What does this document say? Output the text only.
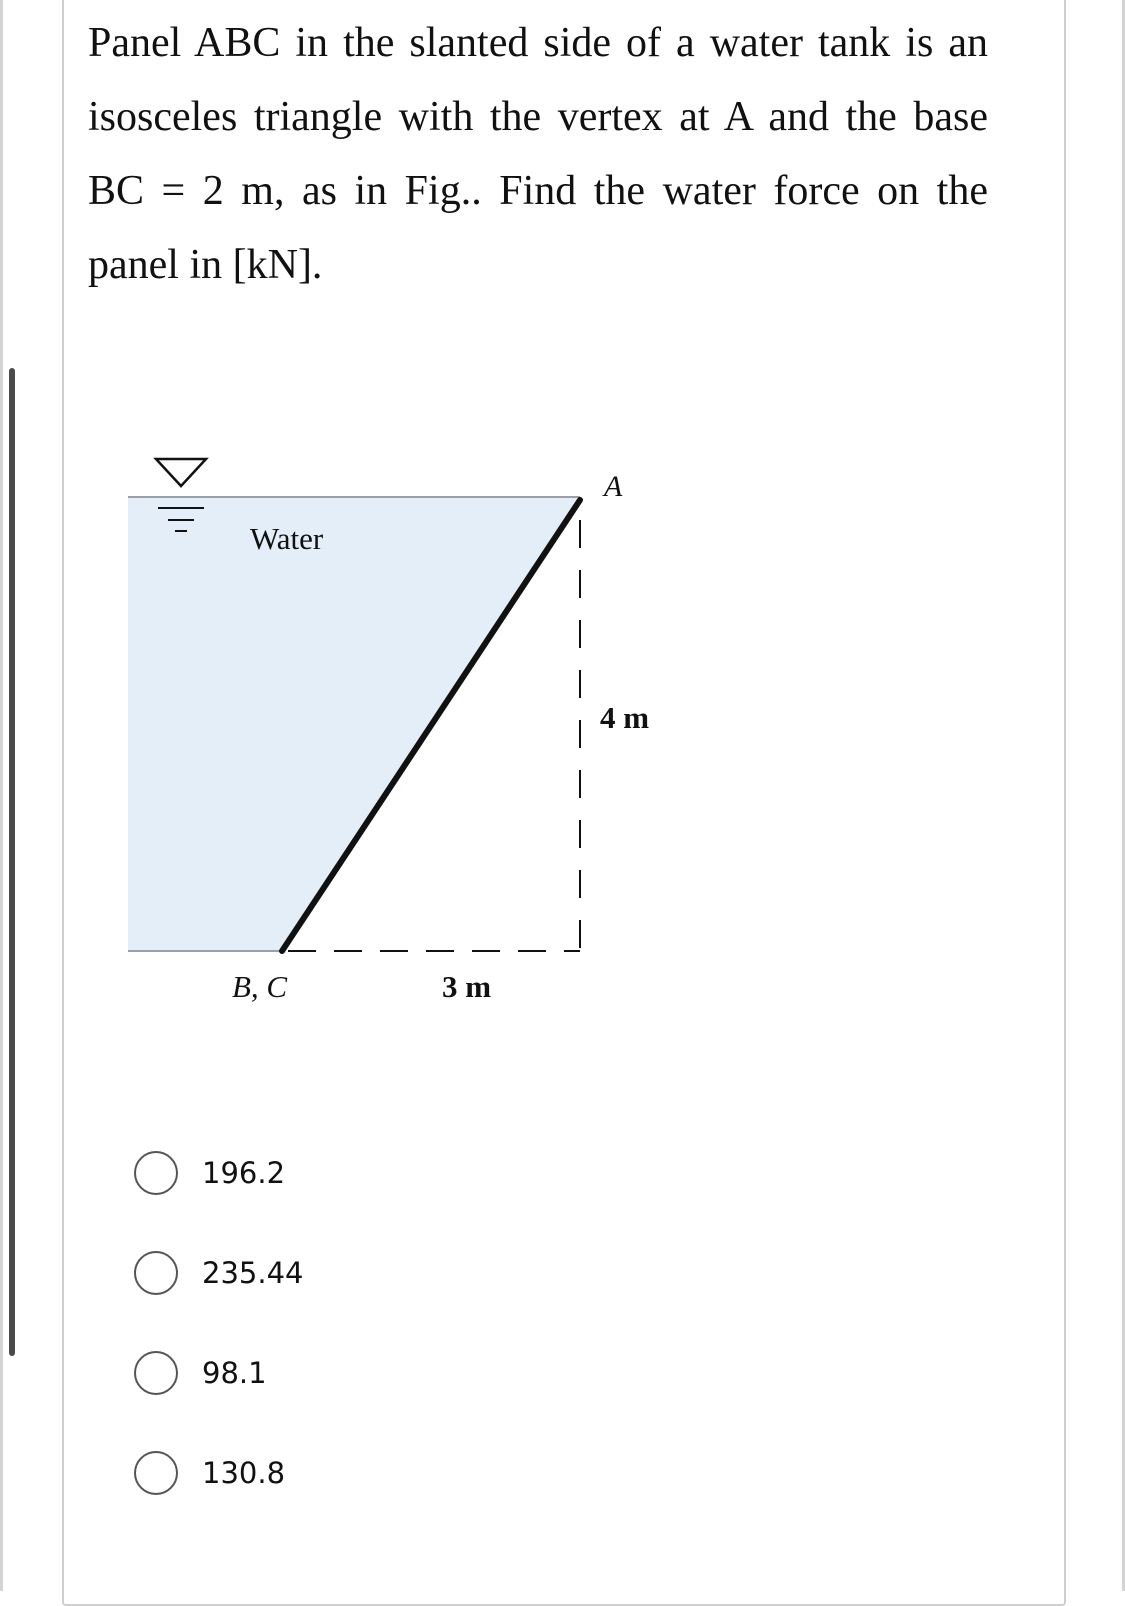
Panel ABC in the slanted side of a water tank is an isosceles triangle with the vertex at A and the base BC = 2 m, as in Fig.. Find the water force on the panel in [kN].
Water
A
4 m
B, C	3 m
196.2
235.44
98.1
130.8
